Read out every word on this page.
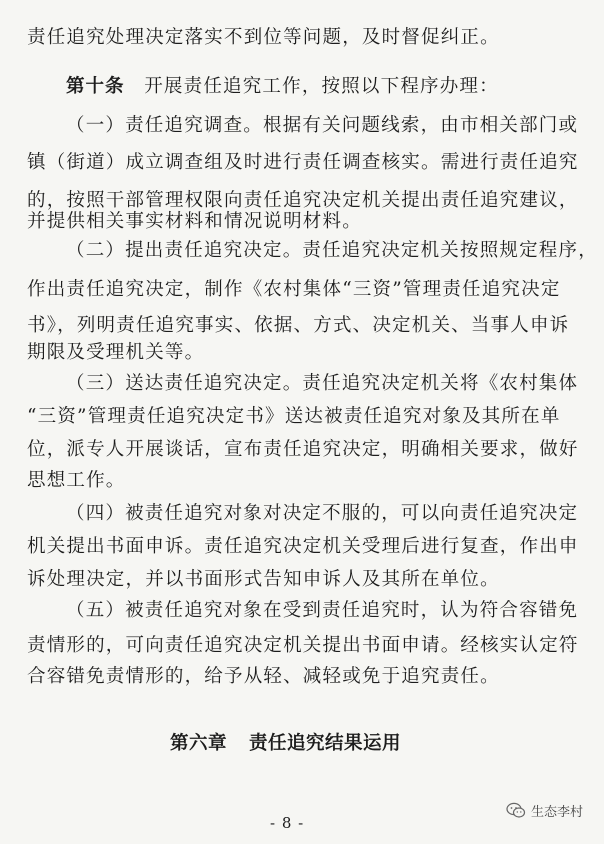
责任追究处理决定落实不到位等问题，及时督促纠正。
第十条　开展责任追究工作，按照以下程序办理：
（一）责任追究调查。根据有关问题线索，由市相关部门或
镇（街道）成立调查组及时进行责任调查核实。需进行责任追究
的，按照干部管理权限向责任追究决定机关提出责任追究建议，
并提供相关事实材料和情况说明材料。
（二）提出责任追究决定。责任追究决定机关按照规定程序，
作出责任追究决定，制作《农村集体“三资”管理责任追究决定
书》，列明责任追究事实、依据、方式、决定机关、当事人申诉
期限及受理机关等。
（三）送达责任追究决定。责任追究决定机关将《农村集体
“三资”管理责任追究决定书》送达被责任追究对象及其所在单
位，派专人开展谈话，宣布责任追究决定，明确相关要求，做好
思想工作。
（四）被责任追究对象对决定不服的，可以向责任追究决定
机关提出书面申诉。责任追究决定机关受理后进行复查，作出申
诉处理决定，并以书面形式告知申诉人及其所在单位。
（五）被责任追究对象在受到责任追究时，认为符合容错免
责情形的，可向责任追究决定机关提出书面申请。经核实认定符
合容错免责情形的，给予从轻、减轻或免于追究责任。
第六章 责任追究结果运用
- 8 -
生态李村
